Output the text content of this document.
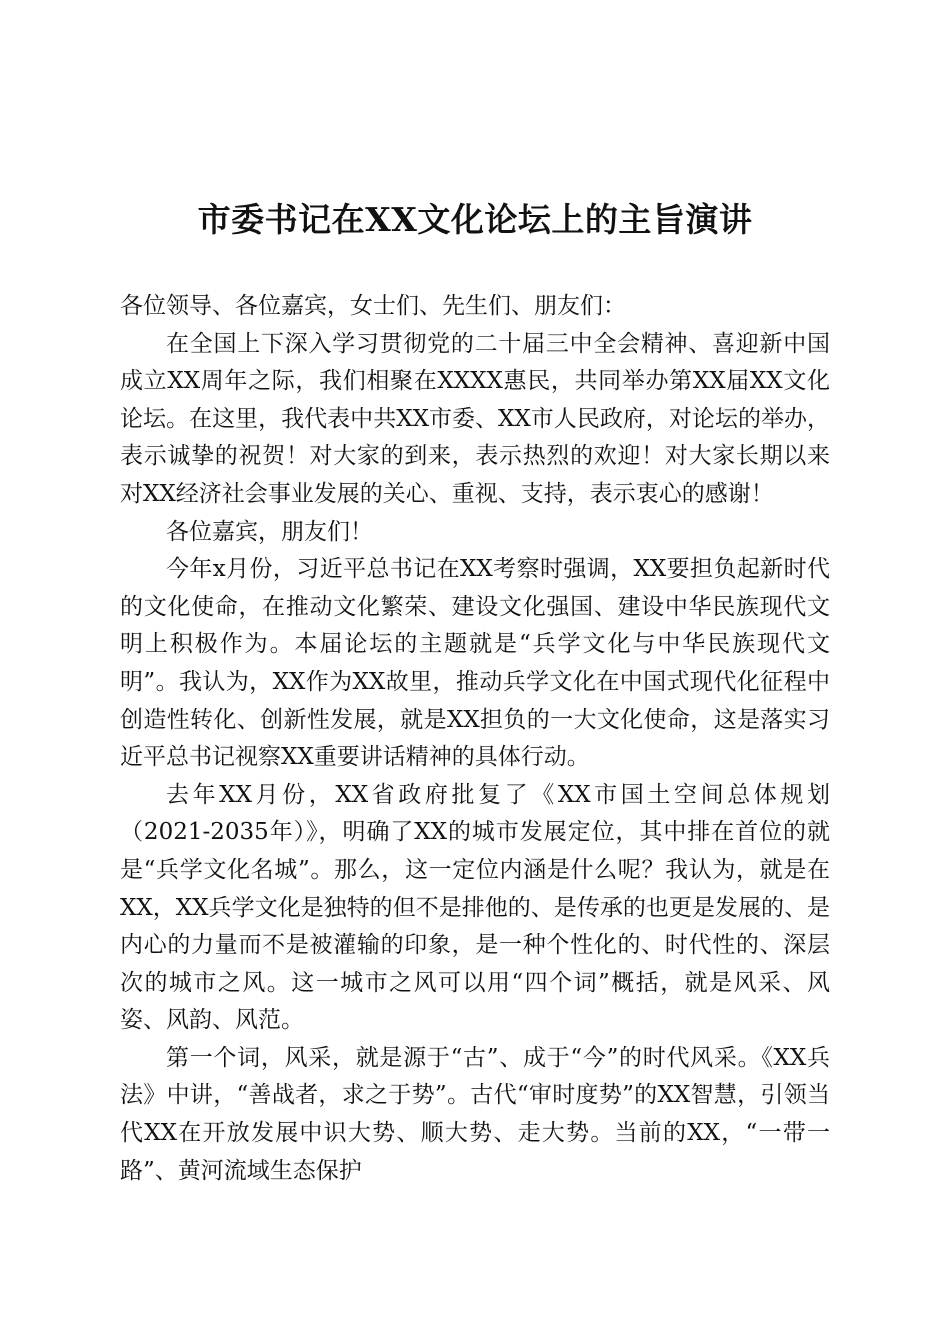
市委书记在XX文化论坛上的主旨演讲

各位领导、各位嘉宾，女士们、先生们、朋友们：

在全国上下深入学习贯彻党的二十届三中全会精神、喜迎新中国成立XX周年之际，我们相聚在XXXX惠民，共同举办第XX届XX文化论坛。在这里，我代表中共XX市委、XX市人民政府，对论坛的举办，表示诚挚的祝贺！对大家的到来，表示热烈的欢迎！对大家长期以来对XX经济社会事业发展的关心、重视、支持，表示衷心的感谢！

各位嘉宾，朋友们！

今年x月份，习近平总书记在XX考察时强调，XX要担负起新时代的文化使命，在推动文化繁荣、建设文化强国、建设中华民族现代文明上积极作为。本届论坛的主题就是“兵学文化与中华民族现代文明”。我认为，XX作为XX故里，推动兵学文化在中国式现代化征程中创造性转化、创新性发展，就是XX担负的一大文化使命，这是落实习近平总书记视察XX重要讲话精神的具体行动。

去年XX月份，XX省政府批复了《XX市国土空间总体规划（2021-2035年）》，明确了XX的城市发展定位，其中排在首位的就是“兵学文化名城”。那么，这一定位内涵是什么呢？我认为，就是在XX，XX兵学文化是独特的但不是排他的、是传承的也更是发展的、是内心的力量而不是被灌输的印象，是一种个性化的、时代性的、深层次的城市之风。这一城市之风可以用“四个词”概括，就是风采、风姿、风韵、风范。

第一个词，风采，就是源于“古”、成于“今”的时代风采。《XX兵法》中讲，“善战者，求之于势”。古代“审时度势”的XX智慧，引领当代XX在开放发展中识大势、顺大势、走大势。当前的XX，“一带一路”、黄河流域生态保护
